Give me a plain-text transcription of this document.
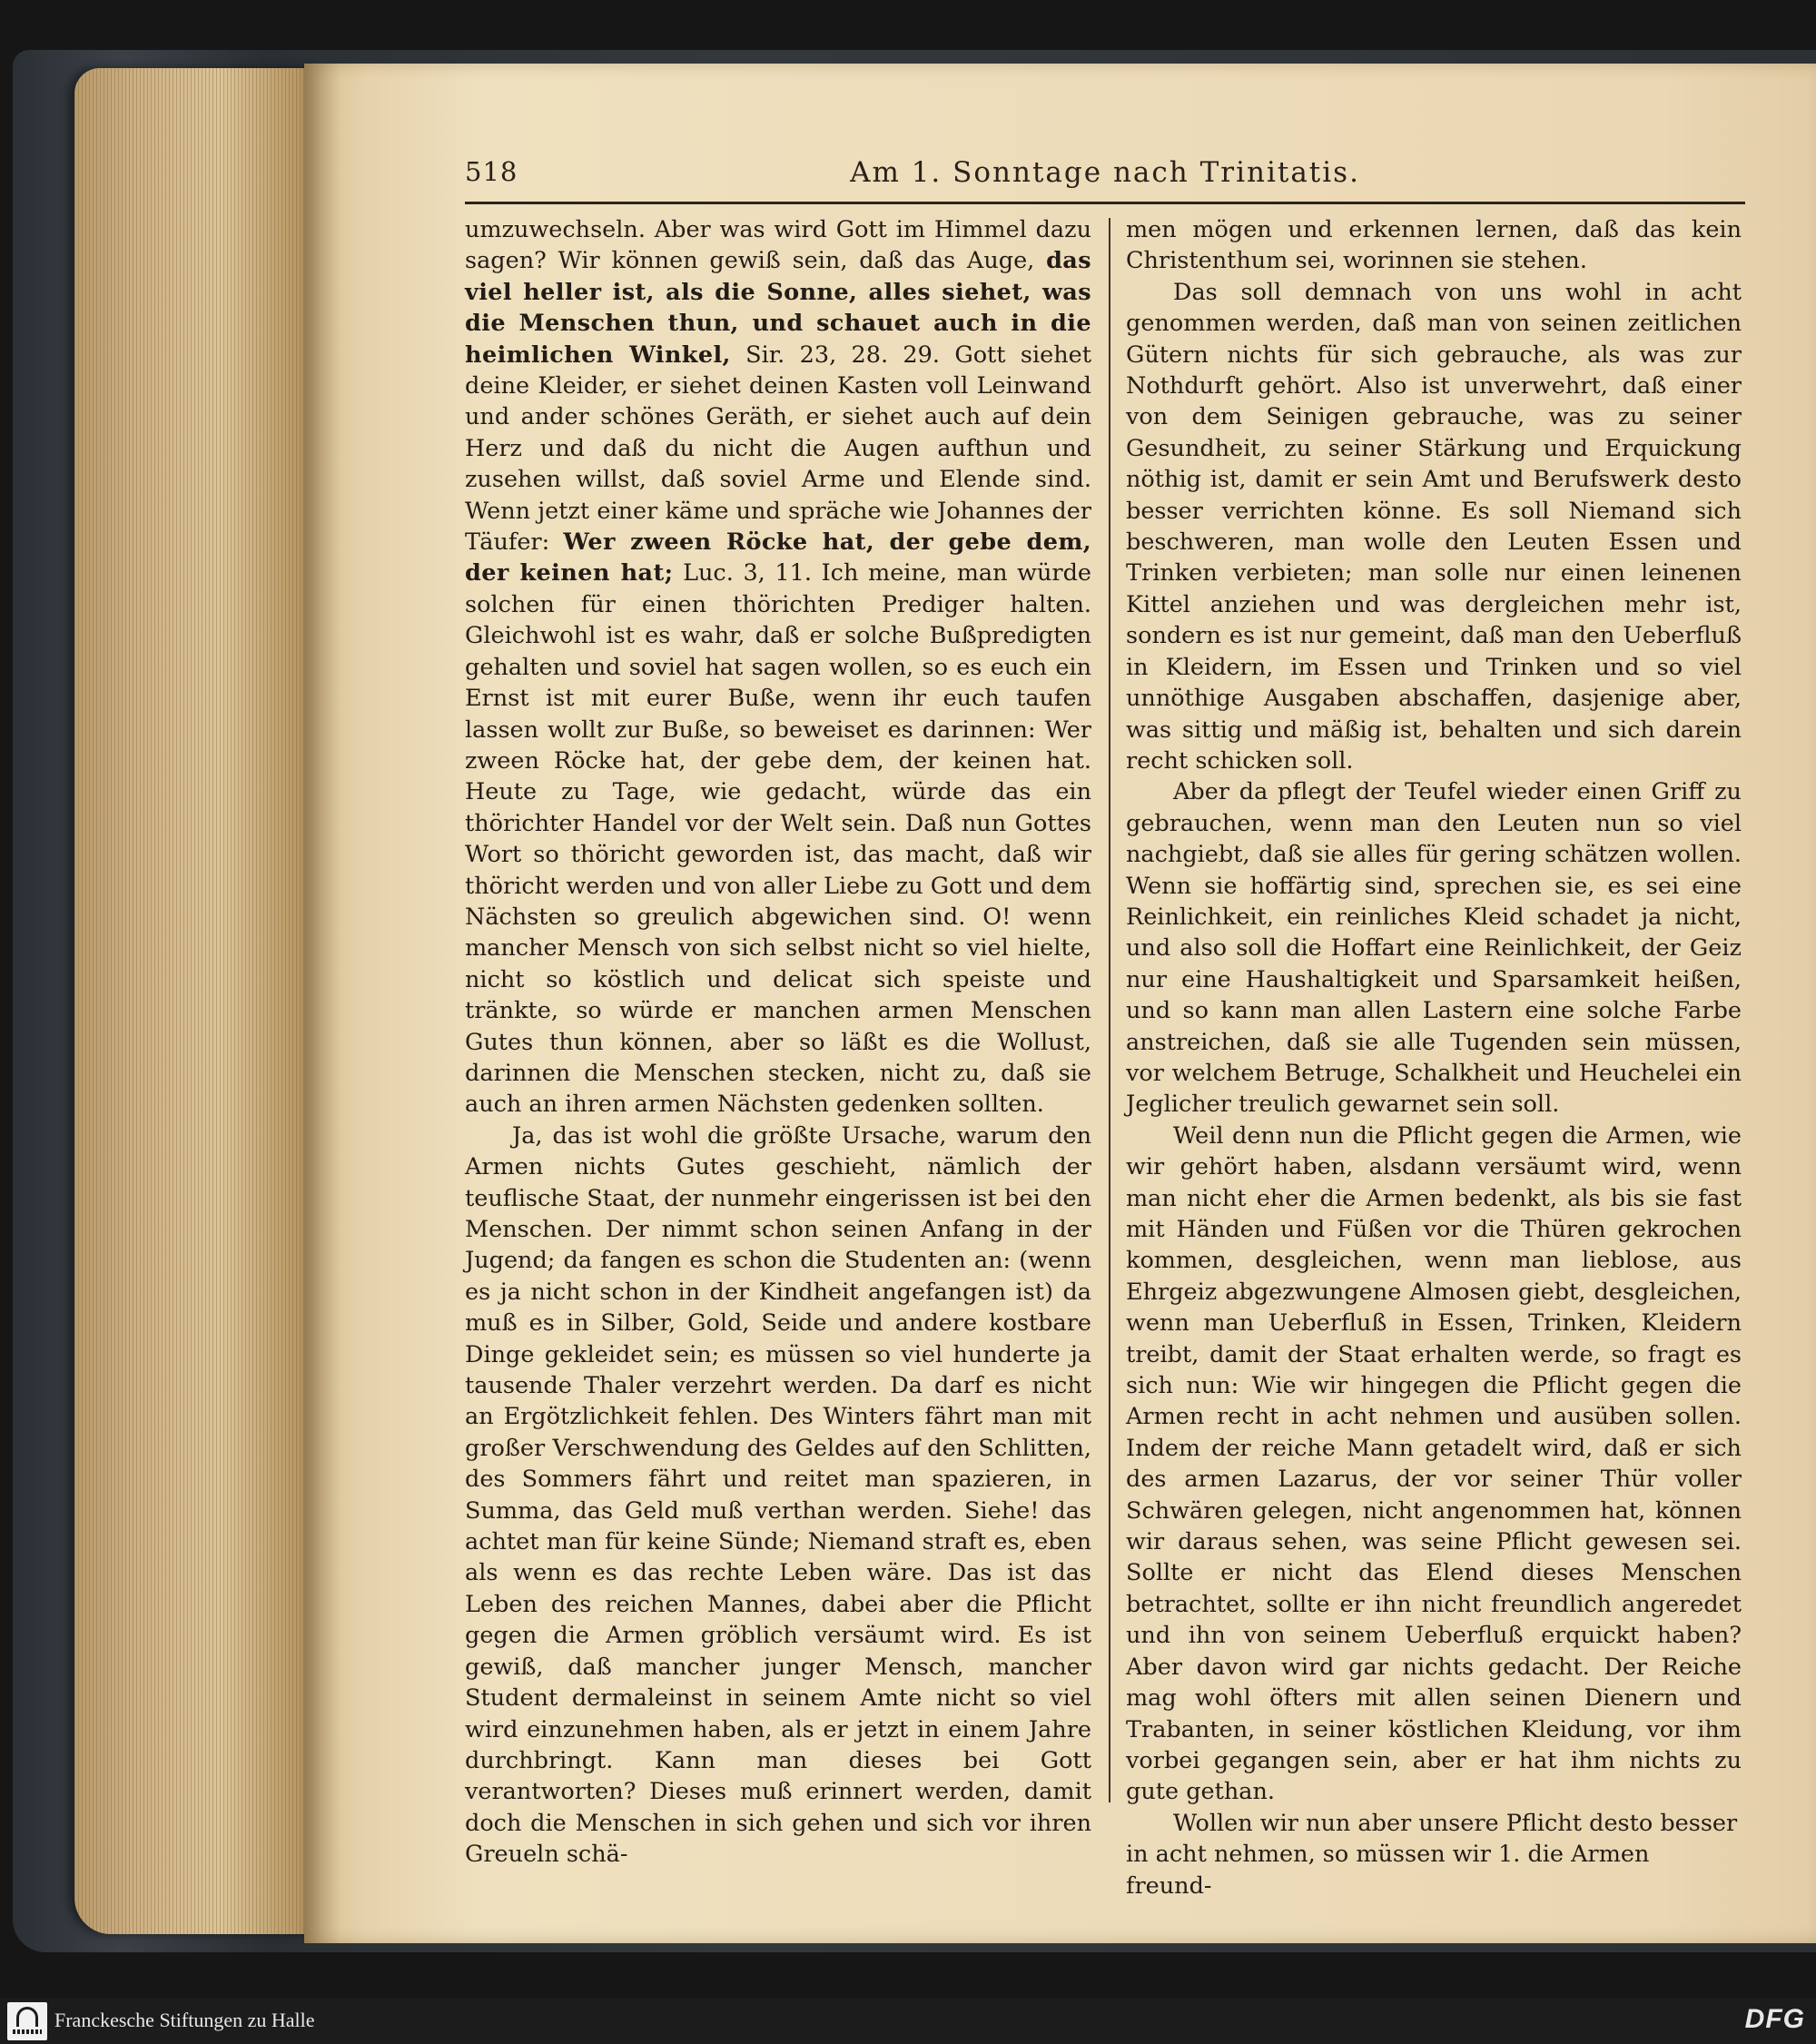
518	Am 1. Sonntage nach Trinitatis.

umzuwechseln. Aber was wird Gott im Himmel dazu sagen? Wir können gewiß sein, daß das Auge, das viel heller ist, als die Sonne, alles siehet, was die Menschen thun, und schauet auch in die heimlichen Winkel, Sir. 23, 28. 29. Gott siehet deine Kleider, er siehet deinen Kasten voll Leinwand und ander schönes Geräth, er siehet auch auf dein Herz und daß du nicht die Augen aufthun und zusehen willst, daß soviel Arme und Elende sind. Wenn jetzt einer käme und spräche wie Johannes der Täufer: Wer zween Röcke hat, der gebe dem, der keinen hat; Luc. 3, 11. Ich meine, man würde solchen für einen thörichten Prediger halten. Gleichwohl ist es wahr, daß er solche Bußpredigten gehalten und soviel hat sagen wollen, so es euch ein Ernst ist mit eurer Buße, wenn ihr euch taufen lassen wollt zur Buße, so beweiset es darinnen: Wer zween Röcke hat, der gebe dem, der keinen hat. Heute zu Tage, wie gedacht, würde das ein thörichter Handel vor der Welt sein. Daß nun Gottes Wort so thöricht geworden ist, das macht, daß wir thöricht werden und von aller Liebe zu Gott und dem Nächsten so greulich abgewichen sind. O! wenn mancher Mensch von sich selbst nicht so viel hielte, nicht so köstlich und delicat sich speiste und tränkte, so würde er manchen armen Menschen Gutes thun können, aber so läßt es die Wollust, darinnen die Menschen stecken, nicht zu, daß sie auch an ihren armen Nächsten gedenken sollten.

Ja, das ist wohl die größte Ursache, warum den Armen nichts Gutes geschieht, nämlich der teuflische Staat, der nunmehr eingerissen ist bei den Menschen. Der nimmt schon seinen Anfang in der Jugend; da fangen es schon die Studenten an: (wenn es ja nicht schon in der Kindheit angefangen ist) da muß es in Silber, Gold, Seide und andere kostbare Dinge gekleidet sein; es müssen so viel hunderte ja tausende Thaler verzehrt werden. Da darf es nicht an Ergötzlichkeit fehlen. Des Winters fährt man mit großer Verschwendung des Geldes auf den Schlitten, des Sommers fährt und reitet man spazieren, in Summa, das Geld muß verthan werden. Siehe! das achtet man für keine Sünde; Niemand straft es, eben als wenn es das rechte Leben wäre. Das ist das Leben des reichen Mannes, dabei aber die Pflicht gegen die Armen gröblich versäumt wird. Es ist gewiß, daß mancher junger Mensch, mancher Student dermaleinst in seinem Amte nicht so viel wird einzunehmen haben, als er jetzt in einem Jahre durchbringt. Kann man dieses bei Gott verantworten? Dieses muß erinnert werden, damit doch die Menschen in sich gehen und sich vor ihren Greueln schä-

men mögen und erkennen lernen, daß das kein Christenthum sei, worinnen sie stehen.

Das soll demnach von uns wohl in acht genommen werden, daß man von seinen zeitlichen Gütern nichts für sich gebrauche, als was zur Nothdurft gehört. Also ist unverwehrt, daß einer von dem Seinigen gebrauche, was zu seiner Gesundheit, zu seiner Stärkung und Erquickung nöthig ist, damit er sein Amt und Berufswerk desto besser verrichten könne. Es soll Niemand sich beschweren, man wolle den Leuten Essen und Trinken verbieten; man solle nur einen leinenen Kittel anziehen und was dergleichen mehr ist, sondern es ist nur gemeint, daß man den Ueberfluß in Kleidern, im Essen und Trinken und so viel unnöthige Ausgaben abschaffen, dasjenige aber, was sittig und mäßig ist, behalten und sich darein recht schicken soll.

Aber da pflegt der Teufel wieder einen Griff zu gebrauchen, wenn man den Leuten nun so viel nachgiebt, daß sie alles für gering schätzen wollen. Wenn sie hoffärtig sind, sprechen sie, es sei eine Reinlichkeit, ein reinliches Kleid schadet ja nicht, und also soll die Hoffart eine Reinlichkeit, der Geiz nur eine Haushaltigkeit und Sparsamkeit heißen, und so kann man allen Lastern eine solche Farbe anstreichen, daß sie alle Tugenden sein müssen, vor welchem Betruge, Schalkheit und Heuchelei ein Jeglicher treulich gewarnet sein soll.

Weil denn nun die Pflicht gegen die Armen, wie wir gehört haben, alsdann versäumt wird, wenn man nicht eher die Armen bedenkt, als bis sie fast mit Händen und Füßen vor die Thüren gekrochen kommen, desgleichen, wenn man lieblose, aus Ehrgeiz abgezwungene Almosen giebt, desgleichen, wenn man Ueberfluß in Essen, Trinken, Kleidern treibt, damit der Staat erhalten werde, so fragt es sich nun: Wie wir hingegen die Pflicht gegen die Armen recht in acht nehmen und ausüben sollen. Indem der reiche Mann getadelt wird, daß er sich des armen Lazarus, der vor seiner Thür voller Schwären gelegen, nicht angenommen hat, können wir daraus sehen, was seine Pflicht gewesen sei. Sollte er nicht das Elend dieses Menschen betrachtet, sollte er ihn nicht freundlich angeredet und ihn von seinem Ueberfluß erquickt haben? Aber davon wird gar nichts gedacht. Der Reiche mag wohl öfters mit allen seinen Dienern und Trabanten, in seiner köstlichen Kleidung, vor ihm vorbei gegangen sein, aber er hat ihm nichts zu gute gethan.

Wollen wir nun aber unsere Pflicht desto besser in acht nehmen, so müssen wir 1. die Armen freund-

Franckesche Stiftungen zu Halle	DFG
